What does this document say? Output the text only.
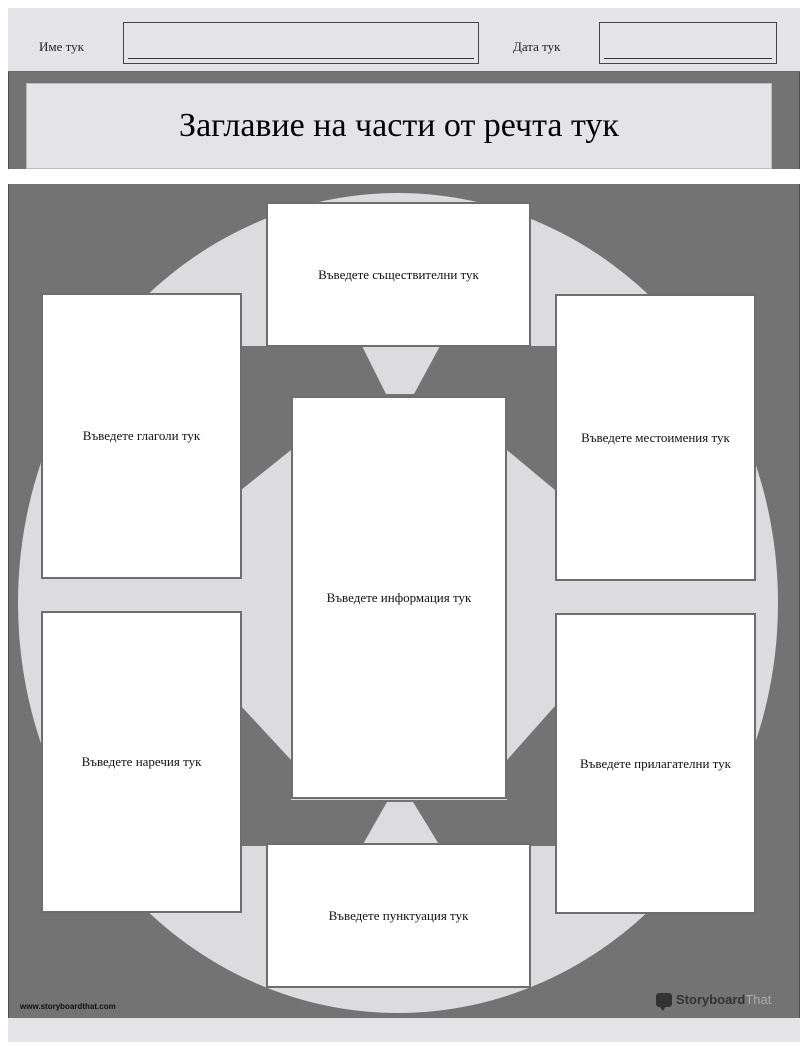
Име тук	Дата тук
Заглавие на части от речта тук
Въведете съществителни тук
Въведете глаголи тук	Въведете местоимения тук
Въведете информация тук
Въведете наречия тук	Въведете прилагателни тук
Въведете пунктуация тук
www.storyboardthat.com	Storyboard That
